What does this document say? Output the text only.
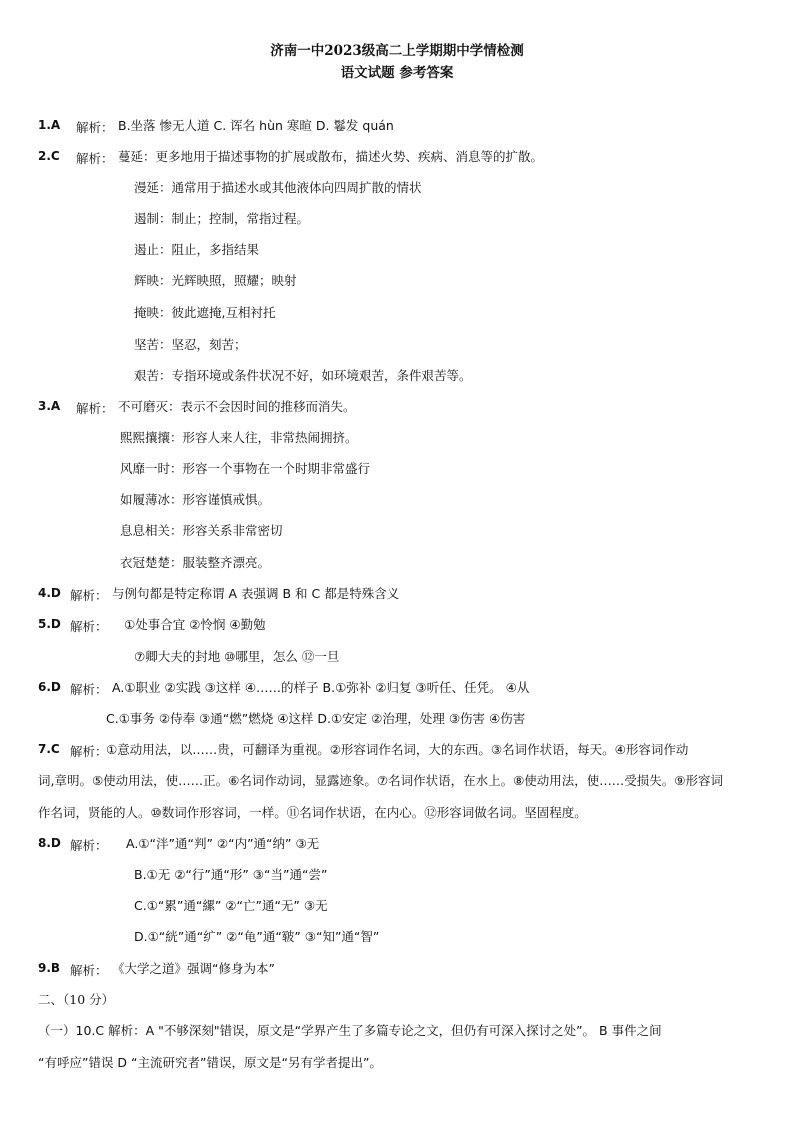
济南一中2023级高二上学期期中学情检测
语文试题 参考答案
1.A 解析： B.坐落 惨无人道 C. 诨名 hùn 寒暄 D. 鬈发 quán
2.C 解析： 蔓延：更多地用于描述事物的扩展或散布，描述火势、疾病、消息等的扩散。
漫延：通常用于描述水或其他液体向四周扩散的情状
遏制：制止；控制，常指过程。
遏止：阻止，多指结果
辉映：光辉映照，照耀；映射
掩映：彼此遮掩,互相衬托
坚苦：坚忍，刻苦；
艰苦：专指环境或条件状况不好，如环境艰苦，条件艰苦等。
3.A 解析： 不可磨灭：表示不会因时间的推移而消失。
熙熙攘攘：形容人来人往，非常热闹拥挤。
风靡一时：形容一个事物在一个时期非常盛行
如履薄冰：形容谨慎戒惧。
息息相关：形容关系非常密切
衣冠楚楚：服装整齐漂亮。
4.D 解析： 与例句都是特定称谓 A 表强调 B 和 C 都是特殊含义
5.D 解析： ①处事合宜 ②怜悯 ④勤勉
⑦卿大夫的封地 ⑩哪里，怎么 ⑫一旦
6.D 解析： A.①职业 ②实践 ③这样 ④……的样子 B.①弥补 ②归复 ③听任、任凭。 ④从
C.①事务 ②侍奉 ③通“燃”燃烧 ④这样 D.①安定 ②治理，处理 ③伤害 ④伤害
7.C 解析：
①意动用法，以……贵，可翻译为重视。②形容词作名词，大的东西。③名词作状语，每天。④形容词作动
词,章明。⑤使动用法，使……正。⑥名词作动词，显露迹象。⑦名词作状语，在水上。⑧使动用法，使……受损失。⑨形容词
作名词，贤能的人。⑩数词作形容词，一样。⑪名词作状语，在内心。⑫形容词做名词。坚固程度。
8.D 解析： A.①“泮”通“判” ②“内”通“纳” ③无
B.①无 ②“行”通“形” ③“当”通“尝”
C.①“累”通“縲” ②“亡”通“无” ③无
D.①“絖”通“纩” ②“龟”通“皲” ③“知”通“智”
9.B 解析： 《大学之道》强调“修身为本”
二、（10 分）
（一）10.C 解析：A "不够深刻"错误，原文是“学界产生了多篇专论之文，但仍有可深入探讨之处”。 B 事件之间
“有呼应”错误 D “主流研究者”错误，原文是“另有学者提出”。
